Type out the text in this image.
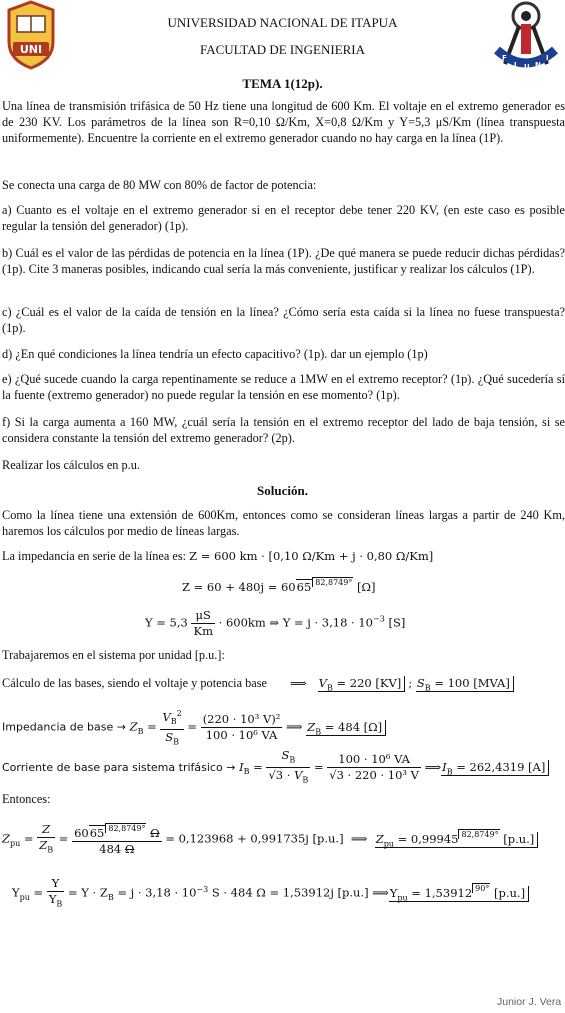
UNI
UNIVERSIDAD NACIONAL DE ITAPUA
FACULTAD DE INGENIERIA
F
I U N
I
TEMA 1(12p).

Una línea de transmisión trifásica de 50 Hz tiene una longitud de 600 Km. El voltaje en el extremo generador es de 230 KV. Los parámetros de la línea son R=0,10 Ω/Km, X=0,8 Ω/Km y Y=5,3 μS/Km (línea transpuesta uniformemente). Encuentre la corriente en el extremo generador cuando no hay carga en la línea (1P).

Se conecta una carga de 80 MW con 80% de factor de potencia:

a) Cuanto es el voltaje en el extremo generador si en el receptor debe tener 220 KV, (en este caso es posible regular la tensión del generador) (1p).

b) Cuál es el valor de las pérdidas de potencia en la línea (1P). ¿De qué manera se puede reducir dichas pérdidas? (1p). Cite 3 maneras posibles, indicando cual sería la más conveniente, justificar y realizar los cálculos (1P).

c) ¿Cuál es el valor de la caída de tensión en la línea? ¿Cómo sería esta caída si la línea no fuese transpuesta? (1p).

d) ¿En qué condiciones la línea tendría un efecto capacitivo? (1p). dar un ejemplo (1p)

e) ¿Qué sucede cuando la carga repentinamente se reduce a 1MW en el extremo receptor? (1p). ¿Qué sucedería sí la fuente (extremo generador) no puede regular la tensión en ese momento? (1p).

f) Si la carga aumenta a 160 MW, ¿cuál sería la tensión en el extremo receptor del lado de baja tensión, si se considera constante la tensión del extremo generador? (2p).

Realizar los cálculos en p.u.

Solución.

Como la línea tiene una extensión de 600Km, entonces como se consideran líneas largas a partir de 240 Km, haremos los cálculos por medio de líneas largas.

La impedancia en serie de la línea es: Z = 600 km · [0,10 Ω/Km + j · 0,80 Ω/Km]
Z = 60 + 480j = 6065 82,8749° [Ω]
$Y = 5,3 \frac{\mu S}{Km} \cdot 600km$ ⇒ $Y = j \cdot 3,18 \cdot 10^{-3}$ [S]
Trabajaremos en el sistema por unidad [p.u.]:
Cálculo de las bases, siendo el voltaje y potencia base ⟹ $V_B = 220$ [KV] ; $S_B = 100$ [MVA]
Impedancia de base → $Z_B = \frac{V_B^2}{S_B} = \frac{\text{(220 · 10³ V)²}}{\text{100 · 10⁶ VA}}$ ⟹ $Z_B = 484$ [Ω]
Corriente de base para sistema trifásico → $I_B = \frac{S_B}{√3 \cdot V_B} = \frac{\text{100 · 10⁶ VA}}{\text{√3 · 220 · 10³ V}}$ $⟹I_B = 262,4319$ [A]
Entonces:
$Z_{pu} = \frac{Z}{Z_B} = \frac{6065 82,8749^\circ \Omega}{484 \Omega} = 0,123968 + 0,991735j$ [p.u.]  ⟹  $Z_{pu} = 0,99945$ 82,8749° [p.u.]
$Y_{pu} = \frac{Y}{Y_B} = Y \cdot Z_B = j \cdot 3,18 \cdot 10^{-3}$ S · 484 Ω = 1,53912j [p.u.] $⟹Y_{pu} = 1,53912$ 90° [p.u.]
Junior J. Vera
